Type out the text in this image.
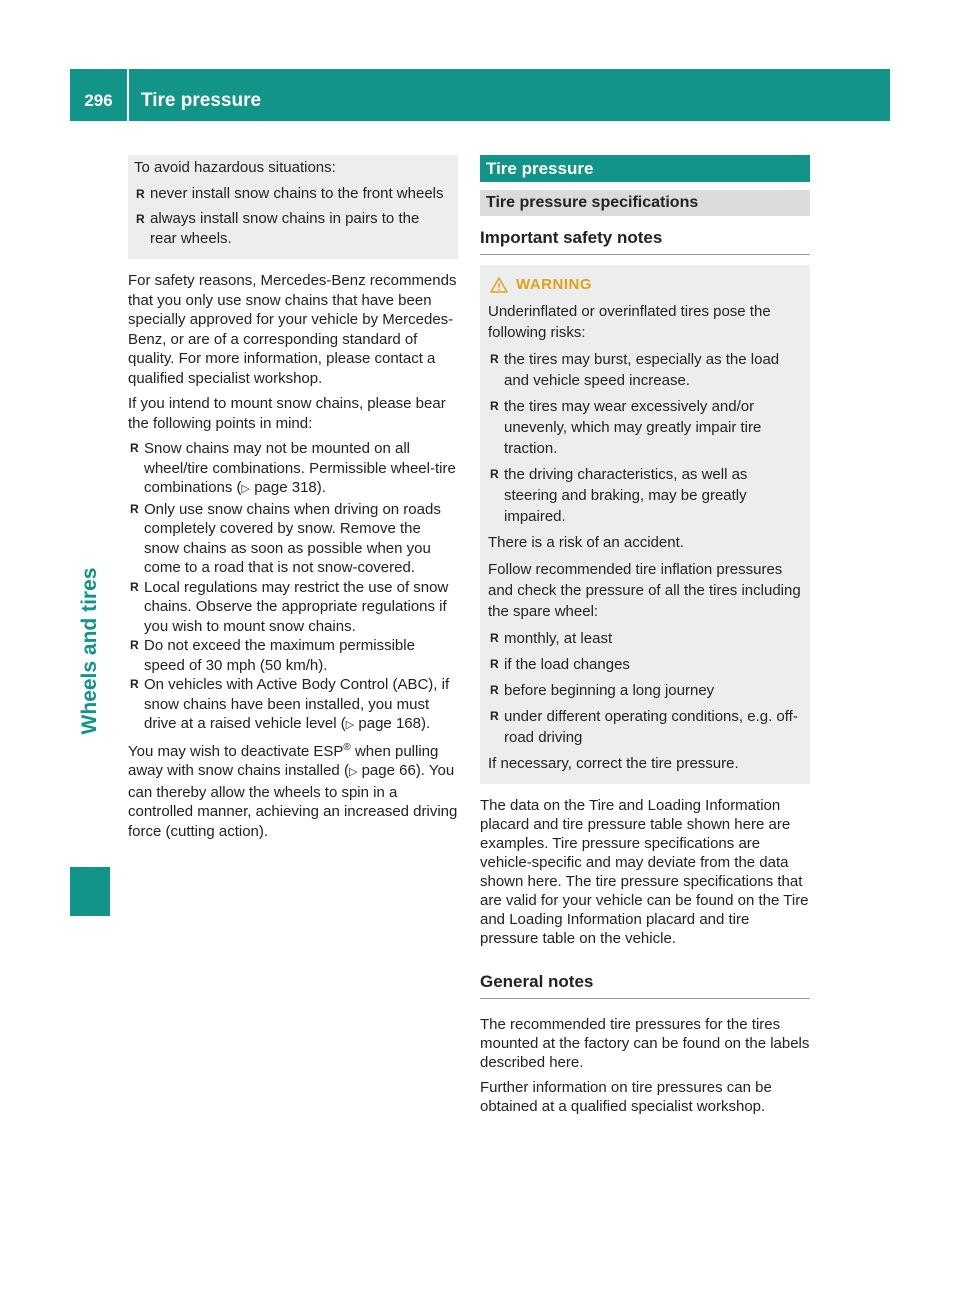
296	Tire pressure
Wheels and tires

To avoid hazardous situations:

R never install snow chains to the front wheels
R always install snow chains in pairs to the rear wheels.

For safety reasons, Mercedes-Benz recommends that you only use snow chains that have been specially approved for your vehicle by Mercedes-Benz, or are of a corresponding standard of quality. For more information, please contact a qualified specialist workshop.

If you intend to mount snow chains, please bear the following points in mind:

R Snow chains may not be mounted on all wheel/tire combinations. Permissible wheel-tire combinations (▷ page 318).
R Only use snow chains when driving on roads completely covered by snow. Remove the snow chains as soon as possible when you come to a road that is not snow-covered.
R Local regulations may restrict the use of snow chains. Observe the appropriate regulations if you wish to mount snow chains.
R Do not exceed the maximum permissible speed of 30 mph (50 km/h).
R On vehicles with Active Body Control (ABC), if snow chains have been installed, you must drive at a raised vehicle level (▷ page 168).

You may wish to deactivate ESP® when pulling away with snow chains installed (▷ page 66). You can thereby allow the wheels to spin in a controlled manner, achieving an increased driving force (cutting action).

Tire pressure
Tire pressure specifications
Important safety notes
WARNING

Underinflated or overinflated tires pose the following risks:

R the tires may burst, especially as the load and vehicle speed increase.
R the tires may wear excessively and/or unevenly, which may greatly impair tire traction.
R the driving characteristics, as well as steering and braking, may be greatly impaired.

There is a risk of an accident.

Follow recommended tire inflation pressures and check the pressure of all the tires including the spare wheel:

R monthly, at least
R if the load changes
R before beginning a long journey
R under different operating conditions, e.g. off-road driving

If necessary, correct the tire pressure.

The data on the Tire and Loading Information placard and tire pressure table shown here are examples. Tire pressure specifications are vehicle-specific and may deviate from the data shown here. The tire pressure specifications that are valid for your vehicle can be found on the Tire and Loading Information placard and tire pressure table on the vehicle.

General notes

The recommended tire pressures for the tires mounted at the factory can be found on the labels described here.

Further information on tire pressures can be obtained at a qualified specialist workshop.
